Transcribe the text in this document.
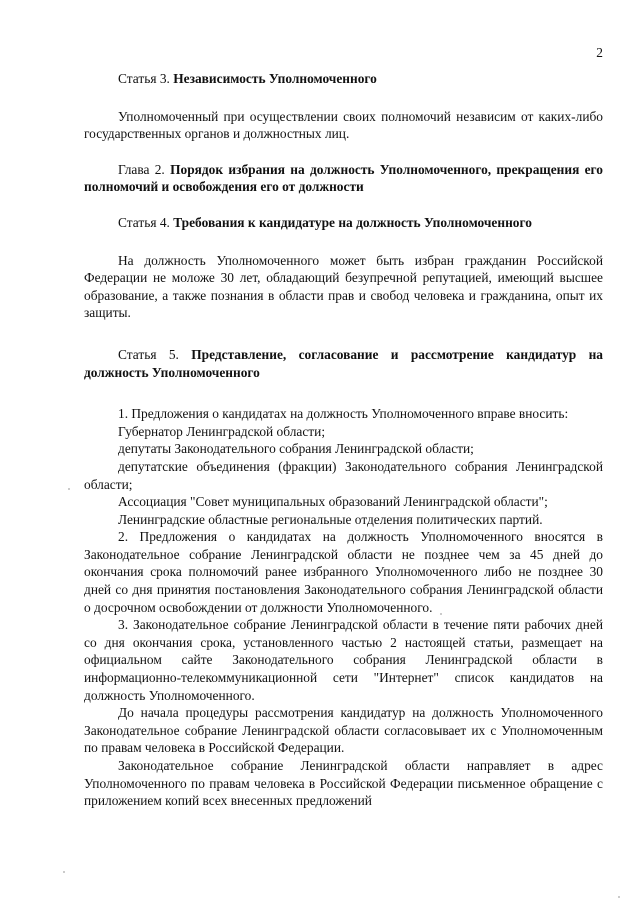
2

Статья 3. Независимость Уполномоченного

Уполномоченный при осуществлении своих полномочий независим от каких-либо государственных органов и должностных лиц.

Глава 2. Порядок избрания на должность Уполномоченного, прекращения его полномочий и освобождения его от должности

Статья 4. Требования к кандидатуре на должность Уполномоченного

На должность Уполномоченного может быть избран гражданин Российской Федерации не моложе 30 лет, обладающий безупречной репутацией, имеющий высшее образование, а также познания в области прав и свобод человека и гражданина, опыт их защиты.

Статья 5. Представление, согласование и рассмотрение кандидатур на должность Уполномоченного

1. Предложения о кандидатах на должность Уполномоченного вправе вносить:

Губернатор Ленинградской области;

депутаты Законодательного собрания Ленинградской области;

депутатские объединения (фракции) Законодательного собрания Ленинградской области;

Ассоциация "Совет муниципальных образований Ленинградской области";

Ленинградские областные региональные отделения политических партий.

2. Предложения о кандидатах на должность Уполномоченного вносятся в Законодательное собрание Ленинградской области не позднее чем за 45 дней до окончания срока полномочий ранее избранного Уполномоченного либо не позднее 30 дней со дня принятия постановления Законодательного собрания Ленинградской области о досрочном освобождении от должности Уполномоченного.

3. Законодательное собрание Ленинградской области в течение пяти рабочих дней со дня окончания срока, установленного частью 2 настоящей статьи, размещает на официальном сайте Законодательного собрания Ленинградской области в информационно-телекоммуникационной сети "Интернет" список кандидатов на должность Уполномоченного.

До начала процедуры рассмотрения кандидатур на должность Уполномоченного Законодательное собрание Ленинградской области согласовывает их с Уполномоченным по правам человека в Российской Федерации.

Законодательное собрание Ленинградской области направляет в адрес Уполномоченного по правам человека в Российской Федерации письменное обращение с приложением копий всех внесенных предложений
